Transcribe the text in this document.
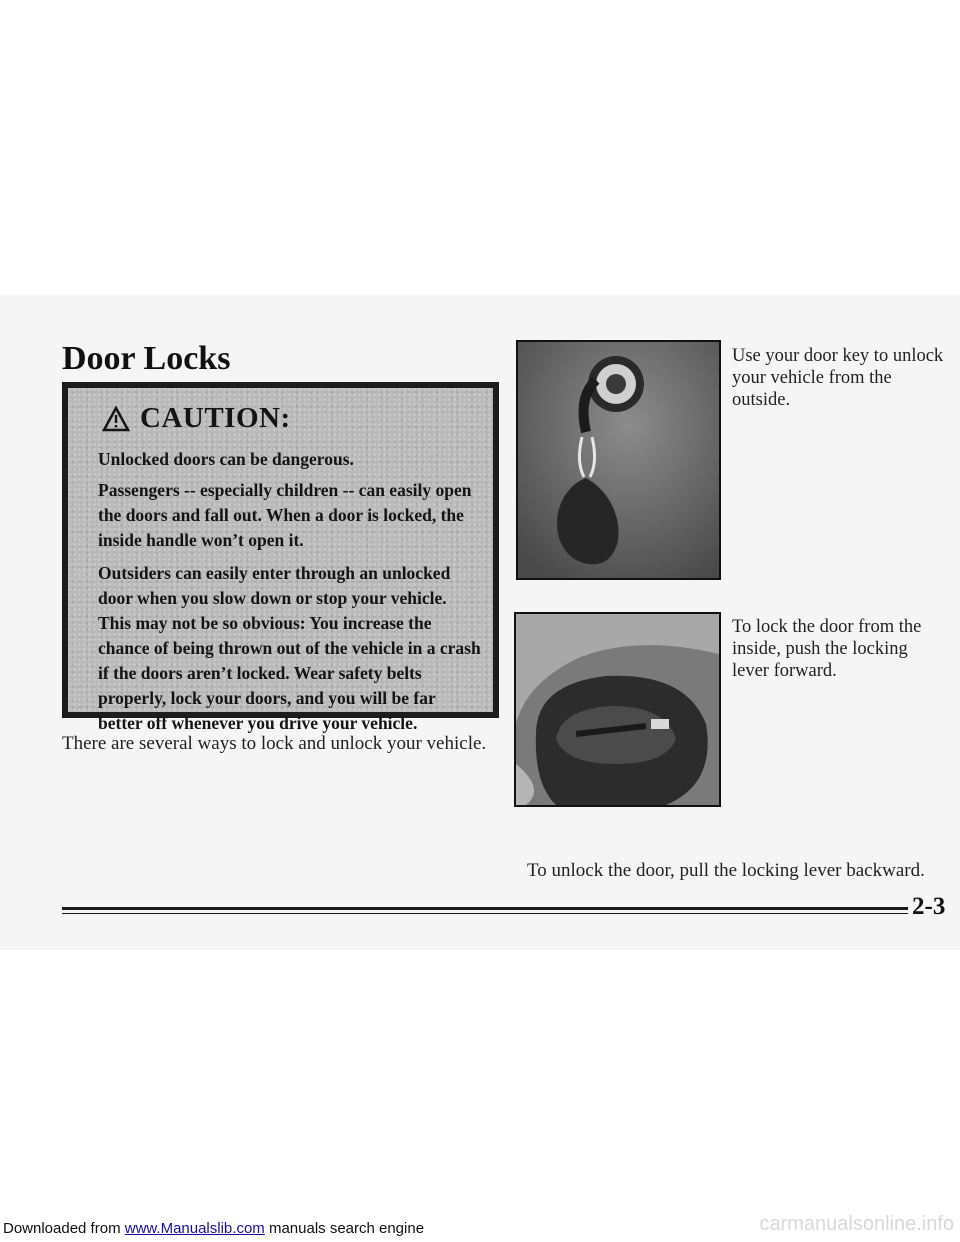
Door Locks
CAUTION:

Unlocked doors can be dangerous.

Passengers -- especially children -- can easily open the doors and fall out. When a door is locked, the inside handle won’t open it.

Outsiders can easily enter through an unlocked door when you slow down or stop your vehicle. This may not be so obvious: You increase the chance of being thrown out of the vehicle in a crash if the doors aren’t locked. Wear safety belts properly, lock your doors, and you will be far better off whenever you drive your vehicle.

There are several ways to lock and unlock your vehicle.

Use your door key to unlock your vehicle from the outside.

To lock the door from the inside, push the locking lever forward.

To unlock the door, pull the locking lever backward.

2-3

Downloaded from www.Manualslib.com manuals search engine	carmanualsonline.info
